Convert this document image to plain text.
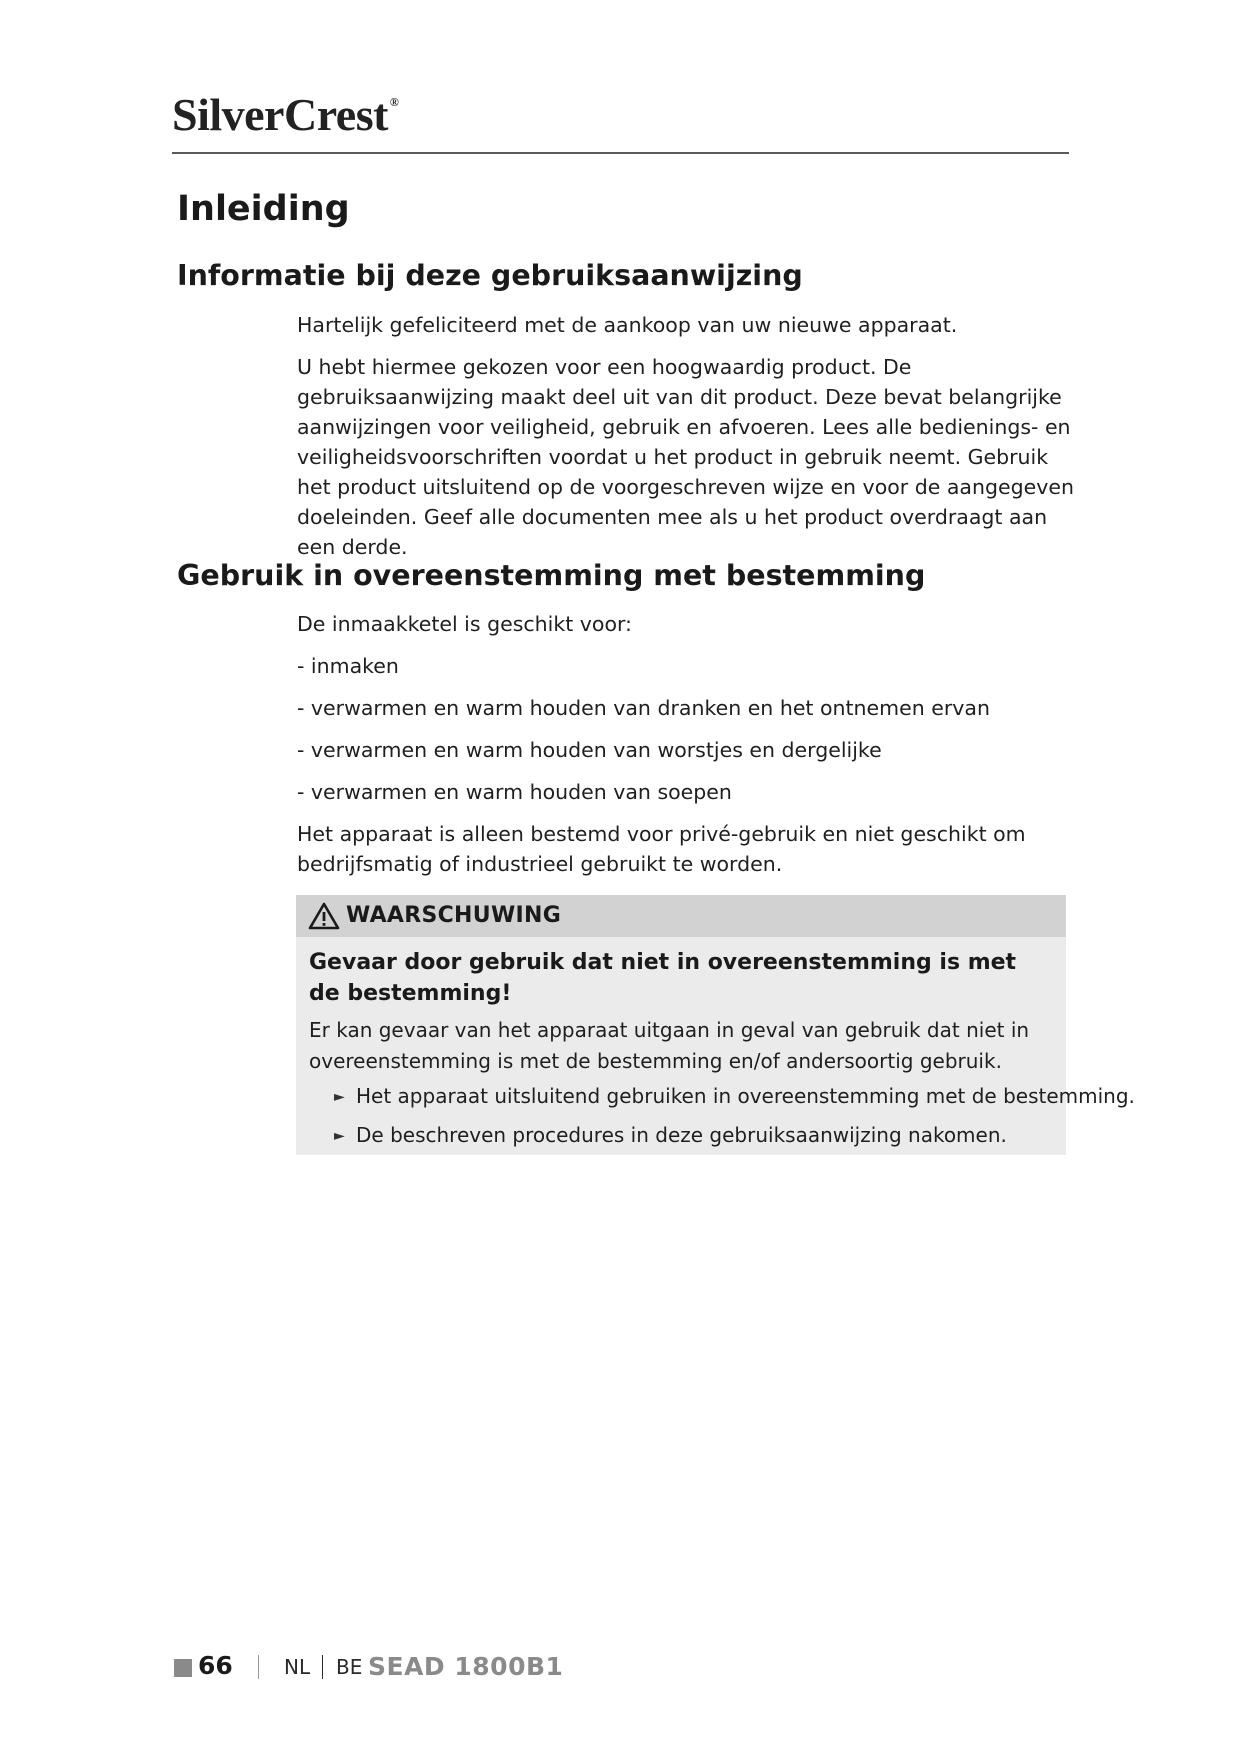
SilverCrest ®
Inleiding
Informatie bij deze gebruiksaanwijzing

Hartelijk gefeliciteerd met de aankoop van uw nieuwe apparaat.

U hebt hiermee gekozen voor een hoogwaardig product. De gebruiksaanwijzing maakt deel uit van dit product. Deze bevat belangrijke aanwijzingen voor veiligheid, gebruik en afvoeren. Lees alle bedienings- en veiligheidsvoorschriften voordat u het product in gebruik neemt. Gebruik het product uitsluitend op de voorgeschreven wijze en voor de aangegeven doeleinden. Geef alle documenten mee als u het product overdraagt aan een derde.

Gebruik in overeenstemming met bestemming

De inmaakketel is geschikt voor:

- inmaken
- verwarmen en warm houden van dranken en het ontnemen ervan
- verwarmen en warm houden van worstjes en dergelijke
- verwarmen en warm houden van soepen

Het apparaat is alleen bestemd voor privé-gebruik en niet geschikt om bedrijfsmatig of industrieel gebruikt te worden.

WAARSCHUWING

Gevaar door gebruik dat niet in overeenstemming is met de bestemming!

Er kan gevaar van het apparaat uitgaan in geval van gebruik dat niet in overeenstemming is met de bestemming en/of andersoortig gebruik.

► Het apparaat uitsluitend gebruiken in overeenstemming met de bestemming.
► De beschreven procedures in deze gebruiksaanwijzing nakomen.
66	NL BE SEAD 1800B1
